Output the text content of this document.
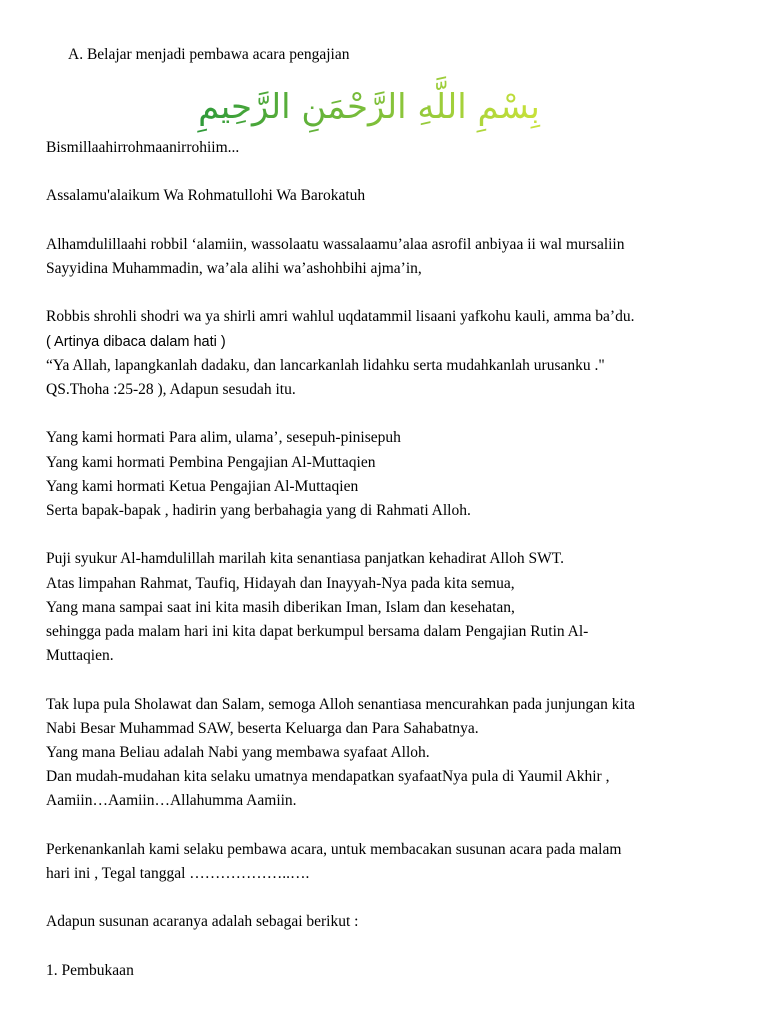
A. Belajar menjadi pembawa acara pengajian
بِسْمِ اللَّهِ الرَّحْمَنِ الرَّحِيمِ
Bismillaahirrohmaanirrohiim...
Assalamu'alaikum Wa Rohmatullohi Wa Barokatuh
Alhamdulillaahi robbil ‘alamiin, wassolaatu wassalaamu’alaa asrofil anbiyaa ii wal mursaliin
Sayyidina Muhammadin, wa’ala alihi wa’ashohbihi ajma’in,
Robbis shrohli shodri wa ya shirli amri wahlul uqdatammil lisaani yafkohu kauli, amma ba’du.
( Artinya dibaca dalam hati )
“Ya Allah, lapangkanlah dadaku, dan lancarkanlah lidahku serta mudahkanlah urusanku ."
QS.Thoha :25-28 ), Adapun sesudah itu.
Yang kami hormati Para alim, ulama’, sesepuh-pinisepuh
Yang kami hormati Pembina Pengajian Al-Muttaqien
Yang kami hormati Ketua Pengajian Al-Muttaqien
Serta bapak-bapak , hadirin yang berbahagia yang di Rahmati Alloh.
Puji syukur Al-hamdulillah marilah kita senantiasa panjatkan kehadirat Alloh SWT.
Atas limpahan Rahmat, Taufiq, Hidayah dan Inayyah-Nya pada kita semua,
Yang mana sampai saat ini kita masih diberikan Iman, Islam dan kesehatan,
sehingga pada malam hari ini kita dapat berkumpul bersama dalam Pengajian Rutin Al-
Muttaqien.
Tak lupa pula Sholawat dan Salam, semoga Alloh senantiasa mencurahkan pada junjungan kita
Nabi Besar Muhammad SAW, beserta Keluarga dan Para Sahabatnya.
Yang mana Beliau adalah Nabi yang membawa syafaat Alloh.
Dan mudah-mudahan kita selaku umatnya mendapatkan syafaatNya pula di Yaumil Akhir ,
Aamiin…Aamiin…Allahumma Aamiin.
Perkenankanlah kami selaku pembawa acara, untuk membacakan susunan acara pada malam
hari ini , Tegal tanggal ………………..….
Adapun susunan acaranya adalah sebagai berikut :
1. Pembukaan
